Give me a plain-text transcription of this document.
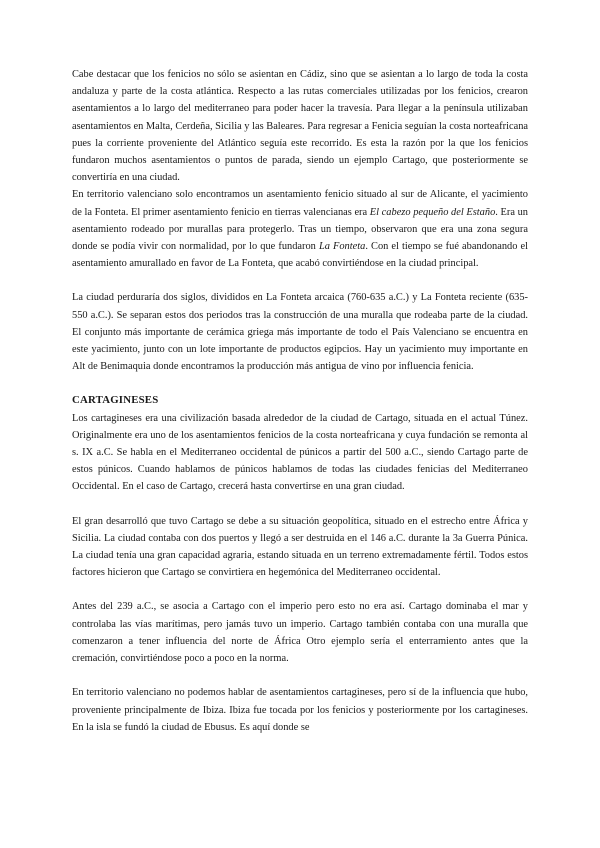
Cabe destacar que los fenicios no sólo se asientan en Cádiz, sino que se asientan a lo largo de toda la costa andaluza y parte de la costa atlántica. Respecto a las rutas comerciales utilizadas por los fenicios, crearon asentamientos a lo largo del mediterraneo para poder hacer la travesía. Para llegar a la península utilizaban asentamientos en Malta, Cerdeña, Sicilia y las Baleares. Para regresar a Fenicia seguían la costa norteafricana pues la corriente proveniente del Atlántico seguía este recorrido. Es esta la razón por la que los fenicios fundaron muchos asentamientos o puntos de parada, siendo un ejemplo Cartago, que posteriormente se convertiría en una ciudad.

En territorio valenciano solo encontramos un asentamiento fenicio situado al sur de Alicante, el yacimiento de la Fonteta. El primer asentamiento fenicio en tierras valencianas era El cabezo pequeño del Estaño. Era un asentamiento rodeado por murallas para protegerlo. Tras un tiempo, observaron que era una zona segura donde se podía vivir con normalidad, por lo que fundaron La Fonteta. Con el tiempo se fué abandonando el asentamiento amurallado en favor de La Fonteta, que acabó convirtiéndose en la ciudad principal.

La ciudad perduraría dos siglos, divididos en La Fonteta arcaica (760-635 a.C.) y La Fonteta reciente (635-550 a.C.). Se separan estos dos periodos tras la construcción de una muralla que rodeaba parte de la ciudad. El conjunto más importante de cerámica griega más importante de todo el País Valenciano se encuentra en este yacimiento, junto con un lote importante de productos egipcios. Hay un yacimiento muy importante en Alt de Benimaquia donde encontramos la producción más antigua de vino por influencia fenicia.

CARTAGINESES

Los cartagineses era una civilización basada alrededor de la ciudad de Cartago, situada en el actual Túnez. Originalmente era uno de los asentamientos fenicios de la costa norteafricana y cuya fundación se remonta al s. IX a.C. Se habla en el Mediterraneo occidental de púnicos a partir del 500 a.C., siendo Cartago parte de estos púnicos. Cuando hablamos de púnicos hablamos de todas las ciudades fenicias del Mediterraneo Occidental. En el caso de Cartago, crecerá hasta convertirse en una gran ciudad.

El gran desarrolló que tuvo Cartago se debe a su situación geopolítica, situado en el estrecho entre África y Sicilia. La ciudad contaba con dos puertos y llegó a ser destruida en el 146 a.C. durante la 3a Guerra Púnica. La ciudad tenía una gran capacidad agraria, estando situada en un terreno extremadamente fértil. Todos estos factores hicieron que Cartago se convirtiera en hegemónica del Mediterraneo occidental.

Antes del 239 a.C., se asocia a Cartago con el imperio pero esto no era así. Cartago dominaba el mar y controlaba las vías marítimas, pero jamás tuvo un imperio. Cartago también contaba con una muralla que comenzaron a tener influencia del norte de África Otro ejemplo sería el enterramiento antes que la cremación, convirtiéndose poco a poco en la norma.

En territorio valenciano no podemos hablar de asentamientos cartagineses, pero sí de la influencia que hubo, proveniente principalmente de Ibiza. Ibiza fue tocada por los fenicios y posteriormente por los cartagineses. En la isla se fundó la ciudad de Ebusus. Es aquí donde se
